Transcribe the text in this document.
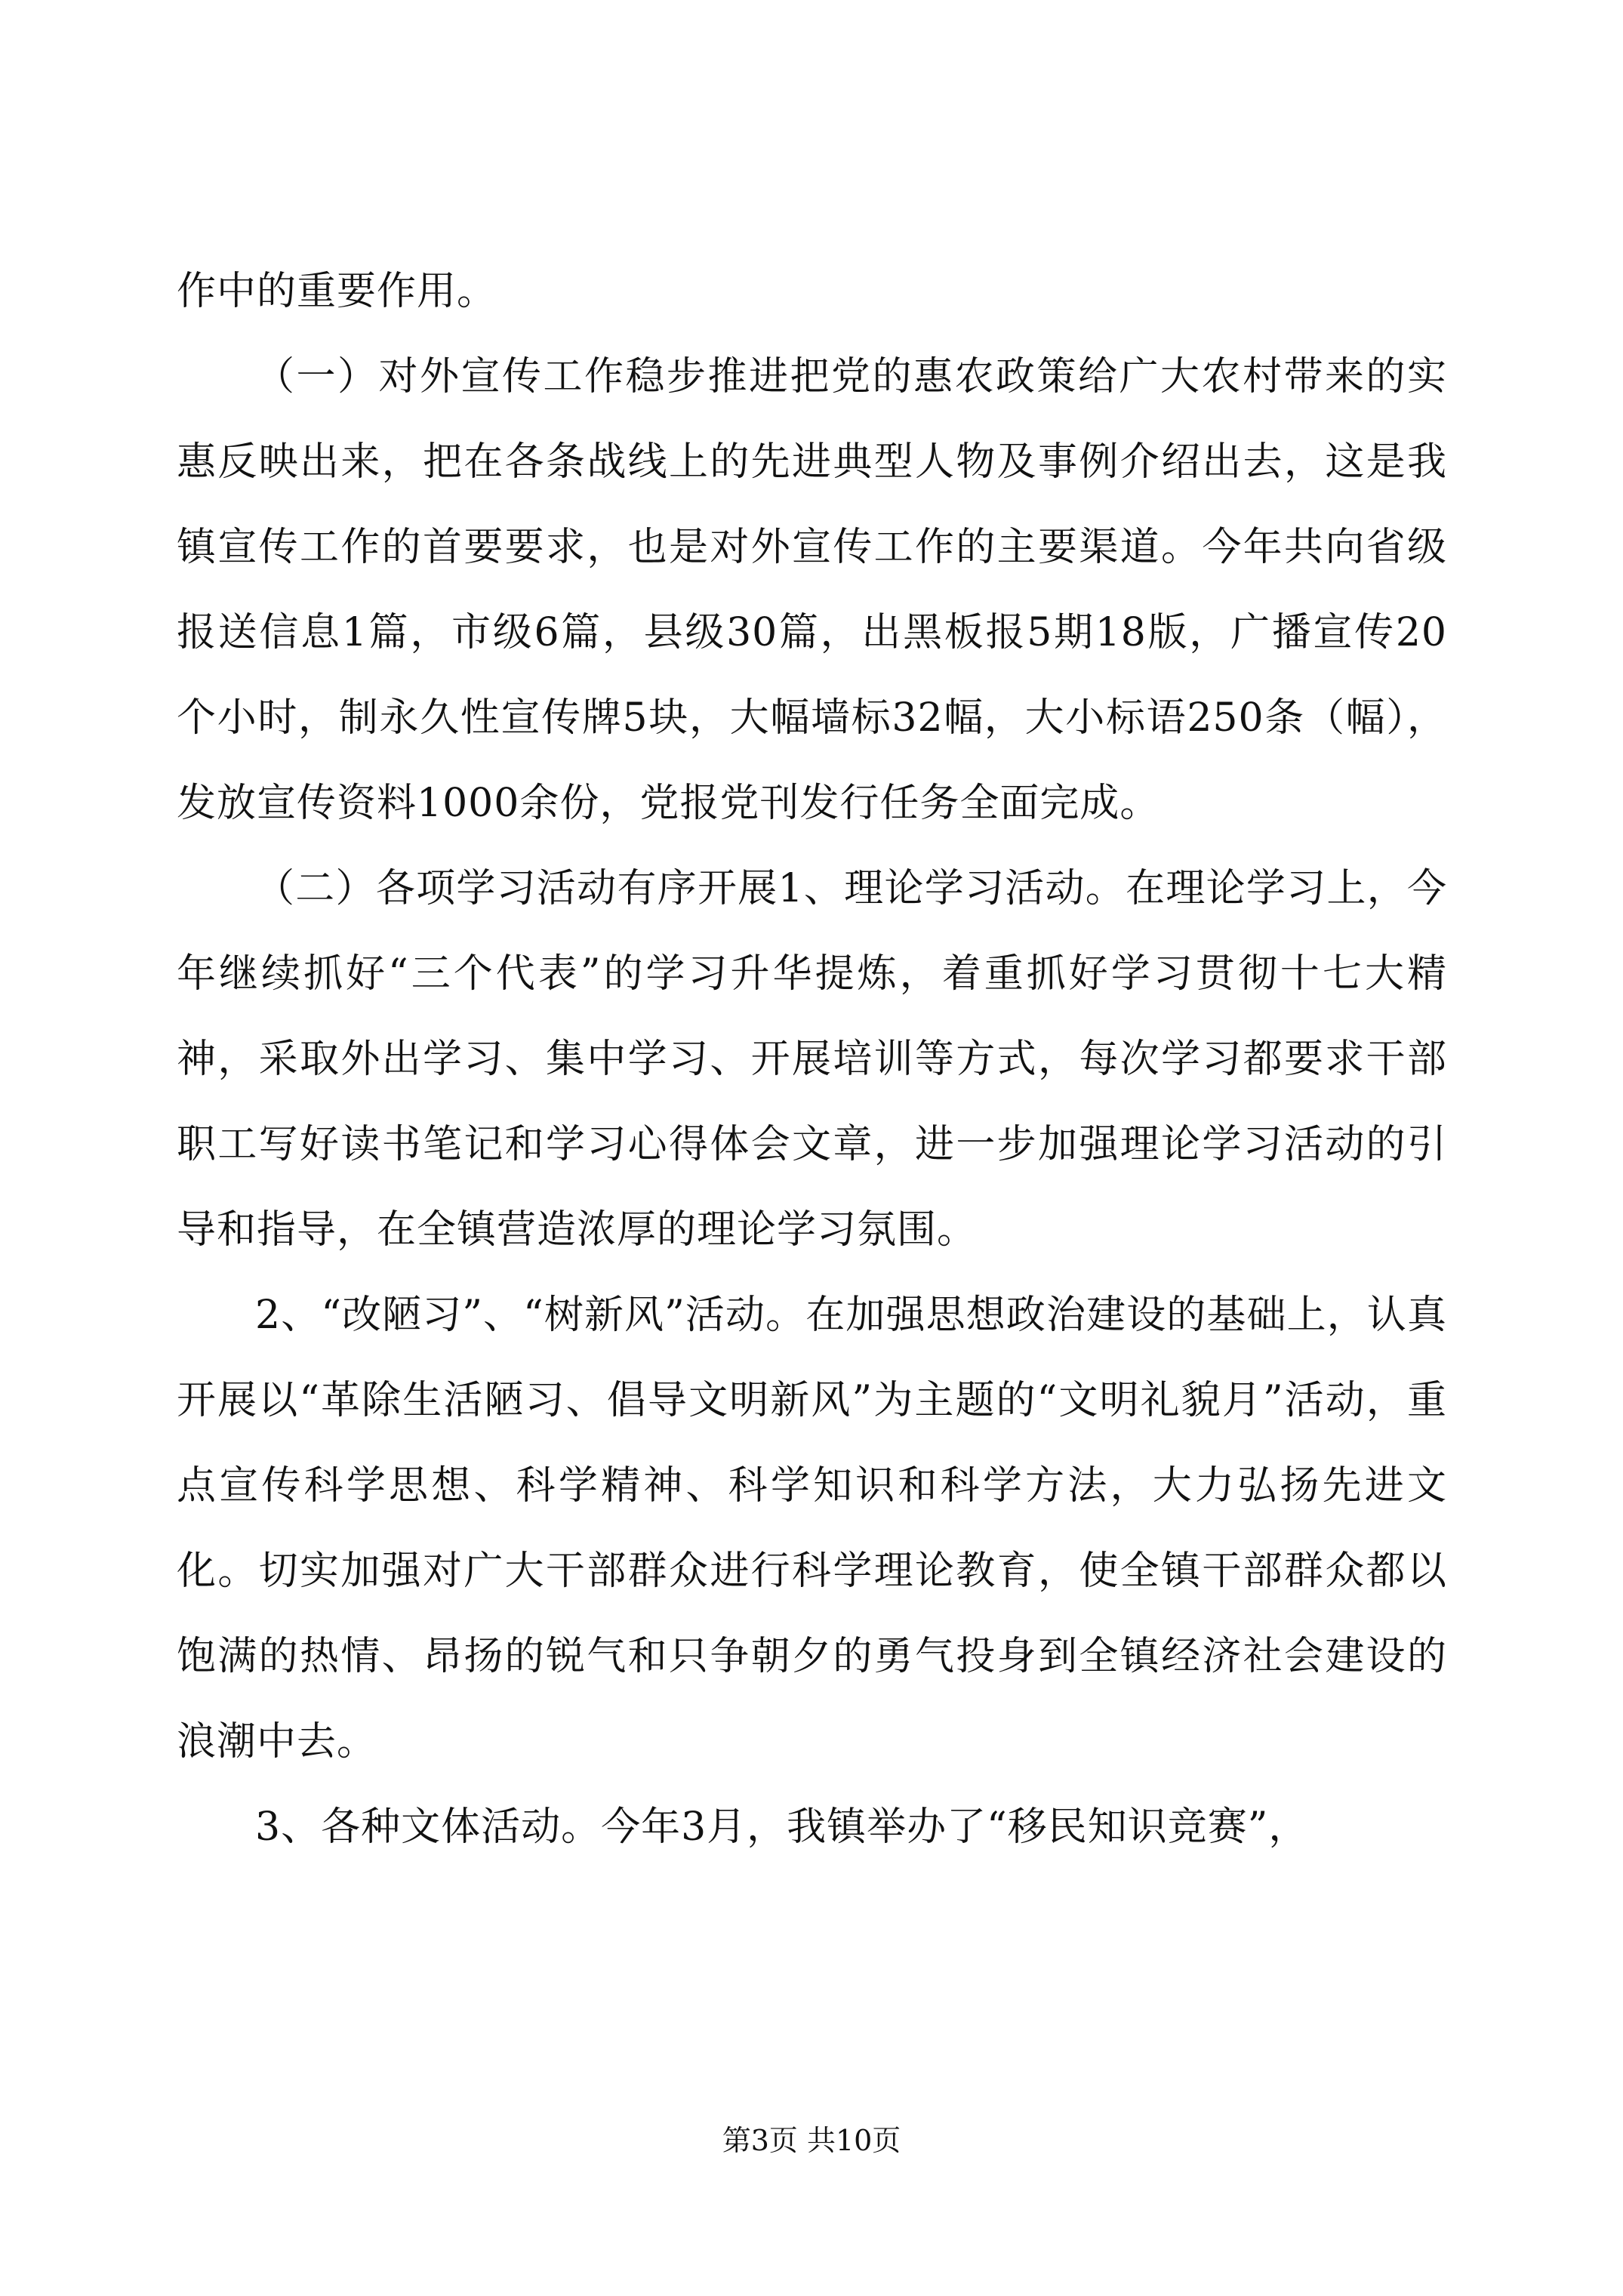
作中的重要作用。

（一）对外宣传工作稳步推进把党的惠农政策给广大农村带来的实惠反映出来，把在各条战线上的先进典型人物及事例介绍出去，这是我镇宣传工作的首要要求，也是对外宣传工作的主要渠道。今年共向省级报送信息1篇，市级6篇，县级30篇，出黑板报5期18版，广播宣传20个小时，制永久性宣传牌5块，大幅墙标32幅，大小标语250条（幅），发放宣传资料1000余份，党报党刊发行任务全面完成。

（二）各项学习活动有序开展1、理论学习活动。在理论学习上，今年继续抓好“三个代表”的学习升华提炼，着重抓好学习贯彻十七大精神，采取外出学习、集中学习、开展培训等方式，每次学习都要求干部职工写好读书笔记和学习心得体会文章，进一步加强理论学习活动的引导和指导，在全镇营造浓厚的理论学习氛围。

2、“改陋习”、“树新风”活动。在加强思想政治建设的基础上，认真开展以“革除生活陋习、倡导文明新风”为主题的“文明礼貌月”活动，重点宣传科学思想、科学精神、科学知识和科学方法，大力弘扬先进文化。切实加强对广大干部群众进行科学理论教育，使全镇干部群众都以饱满的热情、昂扬的锐气和只争朝夕的勇气投身到全镇经济社会建设的浪潮中去。

3、各种文体活动。今年3月，我镇举办了“移民知识竞赛”，

第3页 共10页
